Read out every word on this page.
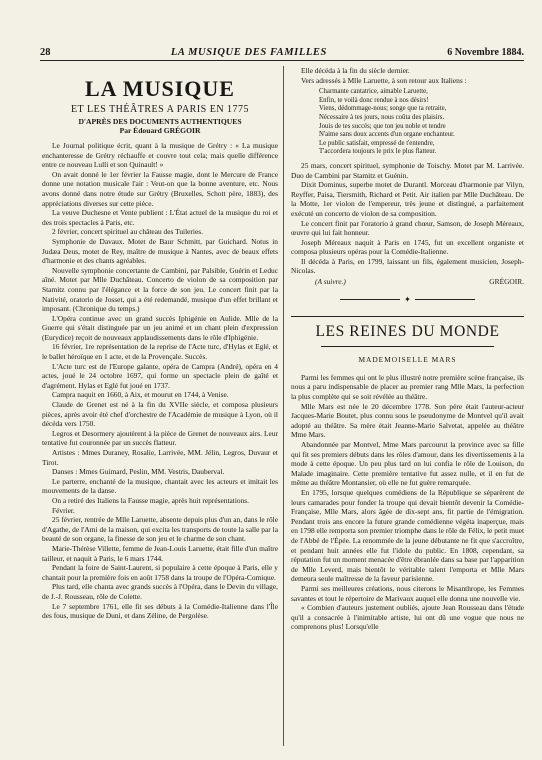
28	LA MUSIQUE DES FAMILLES	6 Novembre 1884.
LA MUSIQUE
ET LES THÉÂTRES A PARIS EN 1775
D'APRÈS DES DOCUMENTS AUTHENTIQUES
Par Édouard GRÉGOIR

Le Journal politique écrit, quant à la musique de Grétry : « La musique enchanteresse de Grétry réchauffe et couvre tout cela; mais quelle différence entre ce nouveau Lulli et son Quinault! »

On avait donné le 1er février la Fausse magie, dont le Mercure de France donne une notation musicale l'air : Veut-on que la bonne aventure, etc. Nous avons donné dans notre étude sur Grétry (Bruxelles, Schott père, 1883), des appréciations diverses sur cette pièce.

La veuve Duchesne et Vente publient : L'État actuel de la musique du roi et des trois spectacles à Paris, etc.

2 février, concert spirituel au château des Tuileries.

Symphonie de Davaux. Motet de Baur Schmitt, par Guichard. Notus in Judæa Deus, motet de Rey, maître de musique à Nantes, avec de beaux effets d'harmonie et des chants agréables.

Nouvelle symphonie concertante de Cambini, par Palsible, Guérin et Leduc aîné. Motet par Mlle Duchâteau. Concerto de violon de sa composition par Stamitz connu par l'élégance et la force de son jeu. Le concert finit par la Nativité, oratorio de Josset, qui a été redemandé, musique d'un effet brillant et imposant. (Chronique du temps.)

L'Opéra continue avec un grand succès Iphigénie en Aulide. Mlle de la Guerre qui s'était distinguée par un jeu animé et un chant plein d'expression (Eurydice) reçoit de nouveaux applaudissements dans le rôle d'Iphigénie.

16 février, 1re représentation de la reprise de l'Acte turc, d'Hylas et Eglé, et le ballet héroïque en 1 acte, et de la Provençale. Succès.

L'Acte turc est de l'Europe galante, opéra de Campra (André), opéra en 4 actes, joué le 24 octobre 1697, qui forme un spectacle plein de gaîté et d'agrément. Hylas et Eglé fut joué en 1737.

Campra naquit en 1660, à Aix, et mourut en 1744, à Venise.

Claude de Grenet est né à la fin du XVIIe siècle, et composa plusieurs pièces, après avoir été chef d'orchestre de l'Académie de musique à Lyon, où il décéda vers 1750.

Legros et Desormery ajoutèrent à la pièce de Grenet de nouveaux airs. Leur tentative fut couronnée par un succès flatteur.

Artistes : Mmes Duraney, Rosalie, Larrivée, MM. Jélin, Legros, Duvaur et Tirot.

Danses : Mmes Guimard, Peslin, MM. Vestris, Dauberval.

Le parterre, enchanté de la musique, chantait avec les acteurs et imitait les mouvements de la danse.

On a retiré des Italiens la Fausse magie, après huit représentations.

Février.

25 février, rentrée de Mlle Laruette, absente depuis plus d'un an, dans le rôle d'Agathe, de l'Ami de la maison, qui excita les transports de toute la salle par la beauté de son organe, la finesse de son jeu et le charme de son chant.

Marie-Thérèse Villette, femme de Jean-Louis Laruette, était fille d'un maître tailleur, et naquit à Paris, le 6 mars 1744.

Pendant la foire de Saint-Laurent, si populaire à cette époque à Paris, elle y chantait pour la première fois en août 1758 dans la troupe de l'Opéra-Comique.

Plus tard, elle chanta avec grands succès à l'Opéra, dans le Devin du village, de J.-J. Rousseau, rôle de Colette.

Le 7 septembre 1761, elle fit ses débuts à la Comédie-Italienne dans l'Île des fous, musique de Duni, et dans Zéline, de Pergolèse.

Elle décéda à la fin du siècle dernier.

Vers adressés à Mlle Laruette, à son retour aux Italiens :

Charmante cantatrice, aimable Laruette,
Enfin, te voilà donc rendue à nos désirs!
Viens, dédommage-nous; songe que ta retraite,
Nécessaire à tes jours, nous coûta des plaisirs.
Jouis de tes succès; que ton jeu noble et tendre
N'aime sans doux accents d'un organe enchanteur.
Le public satisfait, empressé de t'entendre,
T'accordera toujours le prix le plus flatteur.

25 mars, concert spirituel, symphonie de Toischy. Motet par M. Larrivée. Duo de Cambini par Stamitz et Guénin.

Dixit Dominus, superbe motet de Durantl. Morceau d'harmonie par Vilyn, Reyffer, Paisa, Tiersmith, Richard et Petit. Air italien par Mlle Duchâteau. De la Motte, 1er violon de l'empereur, très jeune et distingué, a parfaitement exécuté un concerto de violon de sa composition.

Le concert finit par l'oratorio à grand chœur, Samson, de Joseph Méreaux, œuvre qui lui fait honneur.

Joseph Méreaux naquit à Paris en 1745, fut un excellent organiste et composa plusieurs opéras pour la Comédie-Italienne.

Il décéda à Paris, en 1799, laissant un fils, également musicien, Joseph-Nicolas.

(A suivre.)	GRÉGOIR.
✦
LES REINES DU MONDE
MADEMOISELLE MARS

Parmi les femmes qui ont le plus illustré notre première scène française, ils nous a paru indispensable de placer au premier rang Mlle Mars, la perfection la plus complète qui se soit révélée au théâtre.

Mlle Mars est née le 20 décembre 1778. Son père était l'auteur-acteur Jacques-Marie Boutet, plus connu sous le pseudonyme de Montvel qu'il avait adopté au théâtre. Sa mère était Jeanne-Marie Salvetat, appelée au théâtre Mme Mars.

Abandonnée par Montvel, Mme Mars parcourut la province avec sa fille qui fit ses premiers débuts dans les rôles d'amour, dans les divertissements à la mode à cette époque. Un peu plus tard on lui confia le rôle de Louison, du Malade imaginaire. Cette première tentative fut assez nulle, et il en fut de même au théâtre Montansier, où elle ne fut guère remarquée.

En 1795, lorsque quelques comédiens de la République se séparèrent de leurs camarades pour fonder la troupe qui devait bientôt devenir la Comédie-Française, Mlle Mars, alors âgée de dix-sept ans, fit partie de l'émigration. Pendant trois ans encore la future grande comédienne végéta inaperçue, mais en 1798 elle remporta son premier triomphe dans le rôle de Félix, le petit muet de l'Abbé de l'Épée. La renommée de la jeune débutante ne fit que s'accroître, et pendant huit années elle fut l'idole du public. En 1808, cependant, sa réputation fut un moment menacée d'être ébranlée dans sa base par l'apparition de Mlle Leverd, mais bientôt le véritable talent l'emporta et Mlle Mars demeura seule maîtresse de la faveur parisienne.

Parmi ses meilleures créations, nous citerons le Misanthrope, les Femmes savantes et tout le répertoire de Marivaux auquel elle donna une nouvelle vie.

« Combien d'auteurs justement oubliés, ajoute Jean Rousseau dans l'étude qu'il a consacrée à l'inimitable artiste, lui ont dû une vogue que nous ne comprenons plus! Lorsqu'elle
